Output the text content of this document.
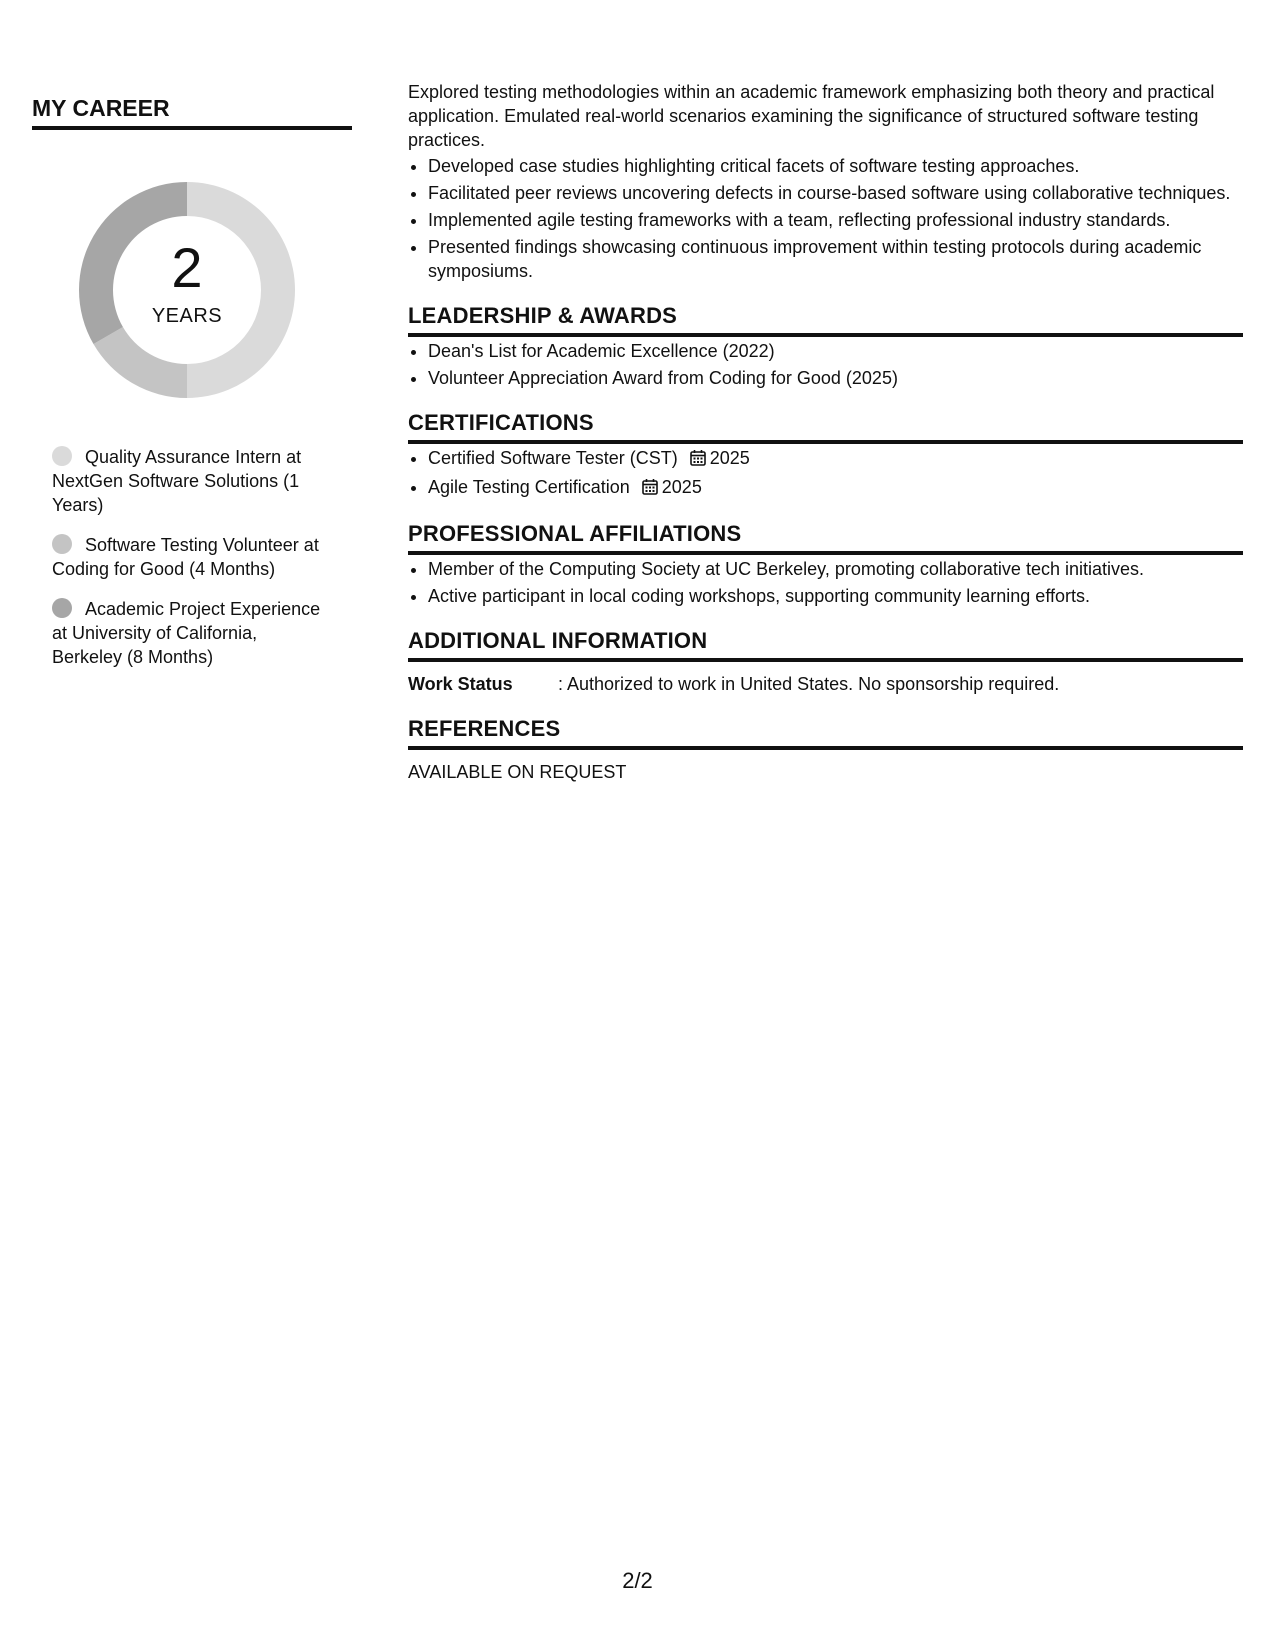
MY CAREER
2
YEARS
Quality Assurance Intern at NextGen Software Solutions (1 Years)
Software Testing Volunteer at Coding for Good (4 Months)
Academic Project Experience at University of California, Berkeley (8 Months)

Explored testing methodologies within an academic framework emphasizing both theory and practical application. Emulated real-world scenarios examining the significance of structured software testing practices.

• Developed case studies highlighting critical facets of software testing approaches.
• Facilitated peer reviews uncovering defects in course-based software using collaborative techniques.
• Implemented agile testing frameworks with a team, reflecting professional industry standards.
• Presented findings showcasing continuous improvement within testing protocols during academic symposiums.
LEADERSHIP & AWARDS
• Dean's List for Academic Excellence (2022)
• Volunteer Appreciation Award from Coding for Good (2025)
CERTIFICATIONS
• Certified Software Tester (CST) 2025
• Agile Testing Certification 2025
PROFESSIONAL AFFILIATIONS
• Member of the Computing Society at UC Berkeley, promoting collaborative tech initiatives.
• Active participant in local coding workshops, supporting community learning efforts.
ADDITIONAL INFORMATION
Work Status	: Authorized to work in United States. No sponsorship required.
REFERENCES
AVAILABLE ON REQUEST
2/2
